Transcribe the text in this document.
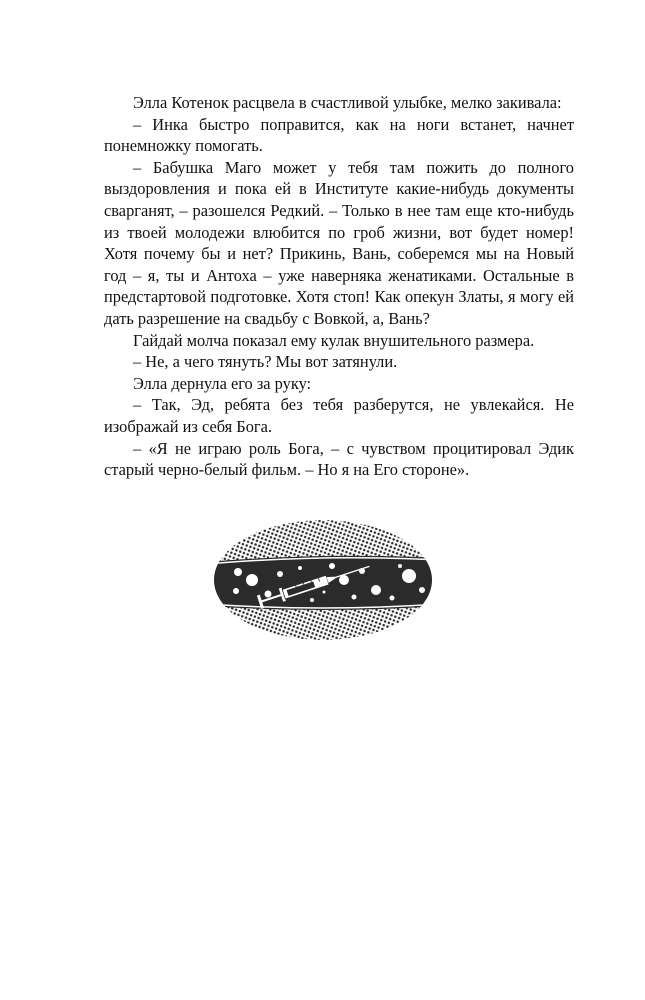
Элла Котенок расцвела в счастливой улыбке, мелко закивала:

– Инка быстро поправится, как на ноги встанет, начнет понемножку помогать.

– Бабушка Маго может у тебя там пожить до полного выздоровления и пока ей в Институте какие-нибудь документы сварганят, – разошелся Редкий. – Только в нее там еще кто-нибудь из твоей молодежи влюбится по гроб жизни, вот будет номер! Хотя почему бы и нет? Прикинь, Вань, соберемся мы на Новый год – я, ты и Антоха – уже наверняка женатиками. Остальные в предстартовой подготовке. Хотя стоп! Как опекун Златы, я могу ей дать разрешение на свадьбу с Вовкой, а, Вань?

Гайдай молча показал ему кулак внушительного размера.

– Не, а чего тянуть? Мы вот затянули.

Элла дернула его за руку:

– Так, Эд, ребята без тебя разберутся, не увлекайся. Не изображай из себя Бога.

– «Я не играю роль Бога, – с чувством процитировал Эдик старый черно-белый фильм. – Но я на Его стороне».
